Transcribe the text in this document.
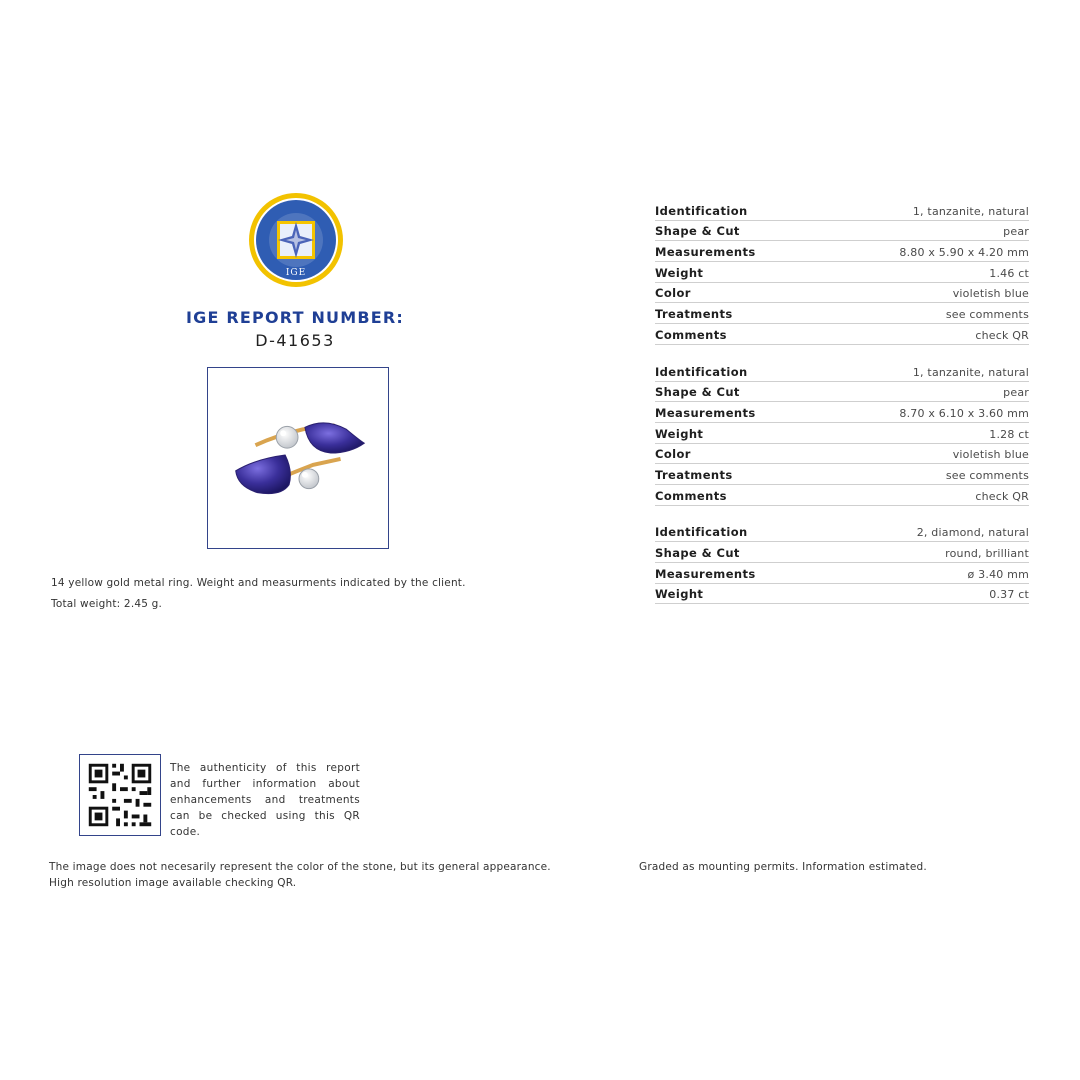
IGE
IGE REPORT NUMBER:
D-41653
14 yellow gold metal ring. Weight and measurments indicated by the client.
Total weight: 2.45 g.
Identification	1, tanzanite, natural
Shape & Cut	pear
Measurements	8.80 x 5.90 x 4.20 mm
Weight	1.46 ct
Color	violetish blue
Treatments	see comments
Comments	check QR
Identification	1, tanzanite, natural
Shape & Cut	pear
Measurements	8.70 x 6.10 x 3.60 mm
Weight	1.28 ct
Color	violetish blue
Treatments	see comments
Comments	check QR
Identification	2, diamond, natural
Shape & Cut	round, brilliant
Measurements	ø 3.40 mm
Weight	0.37 ct
The authenticity of this report and further information about enhancements and treatments can be checked using this QR code.
The image does not necesarily represent the color of the stone, but its general appearance.
High resolution image available checking QR.
Graded as mounting permits. Information estimated.
